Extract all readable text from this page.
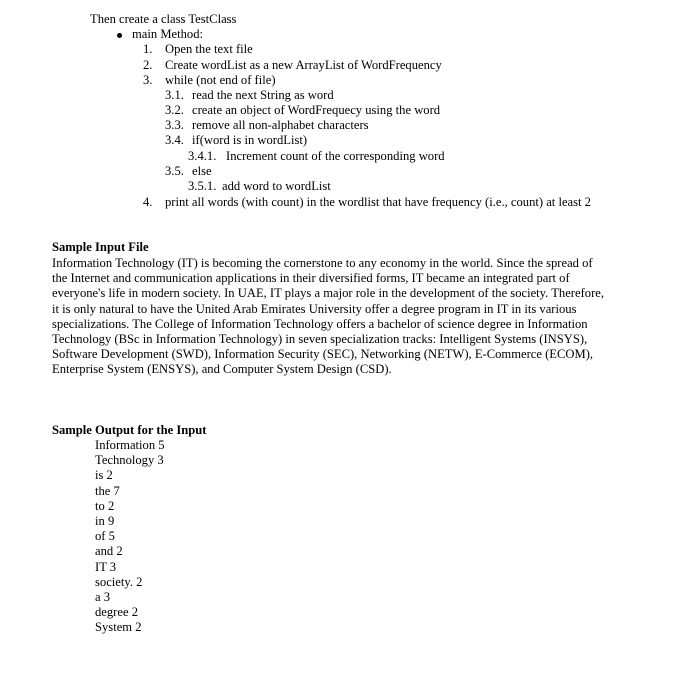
Then create a class TestClass
main Method:
1. Open the text file
2. Create wordList as a new ArrayList of WordFrequency
3. while (not end of file)
3.1. read the next String as word
3.2. create an object of WordFrequecy using the word
3.3. remove all non-alphabet characters
3.4. if(word is in wordList)
3.4.1. Increment count of the corresponding word
3.5. else
3.5.1. add word to wordList
4. print all words (with count) in the wordlist that have frequency (i.e., count) at least 2
Sample Input File
Information Technology (IT) is becoming the cornerstone to any economy in the world. Since the spread of
the Internet and communication applications in their diversified forms, IT became an integrated part of
everyone's life in modern society. In UAE, IT plays a major role in the development of the society. Therefore,
it is only natural to have the United Arab Emirates University offer a degree program in IT in its various
specializations. The College of Information Technology offers a bachelor of science degree in Information
Technology (BSc in Information Technology) in seven specialization tracks: Intelligent Systems (INSYS),
Software Development (SWD), Information Security (SEC), Networking (NETW), E-Commerce (ECOM),
Enterprise System (ENSYS), and Computer System Design (CSD).
Sample Output for the Input
Information 5
Technology 3
is 2
the 7
to 2
in 9
of 5
and 2
IT 3
society. 2
a 3
degree 2
System 2
